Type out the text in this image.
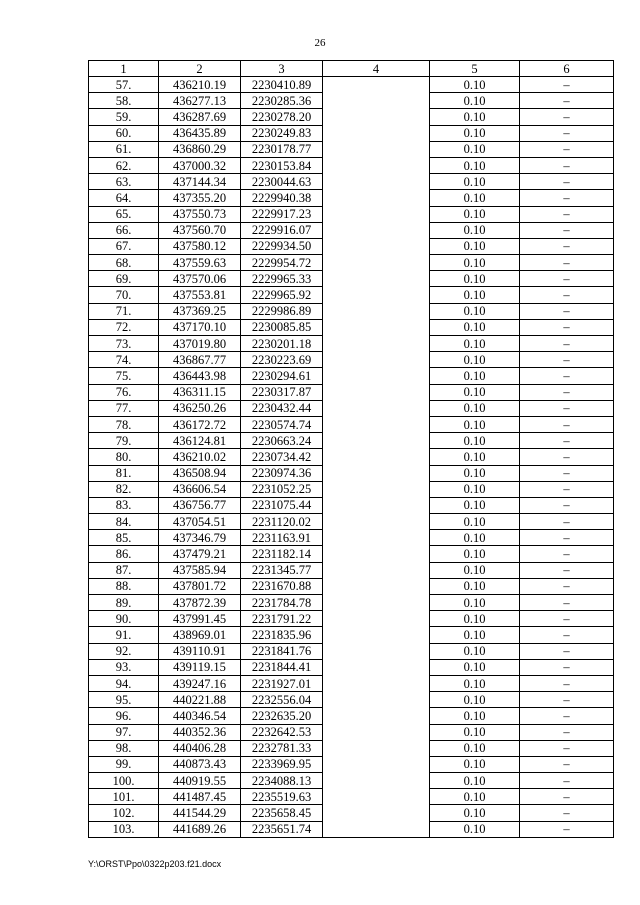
26
1	2	3	4	5	6
57.	436210.19	2230410.89		0.10	–
58.	436277.13	2230285.36		0.10	–
59.	436287.69	2230278.20		0.10	–
60.	436435.89	2230249.83		0.10	–
61.	436860.29	2230178.77		0.10	–
62.	437000.32	2230153.84		0.10	–
63.	437144.34	2230044.63		0.10	–
64.	437355.20	2229940.38		0.10	–
65.	437550.73	2229917.23		0.10	–
66.	437560.70	2229916.07		0.10	–
67.	437580.12	2229934.50		0.10	–
68.	437559.63	2229954.72		0.10	–
69.	437570.06	2229965.33		0.10	–
70.	437553.81	2229965.92		0.10	–
71.	437369.25	2229986.89		0.10	–
72.	437170.10	2230085.85		0.10	–
73.	437019.80	2230201.18		0.10	–
74.	436867.77	2230223.69		0.10	–
75.	436443.98	2230294.61		0.10	–
76.	436311.15	2230317.87		0.10	–
77.	436250.26	2230432.44		0.10	–
78.	436172.72	2230574.74		0.10	–
79.	436124.81	2230663.24		0.10	–
80.	436210.02	2230734.42		0.10	–
81.	436508.94	2230974.36		0.10	–
82.	436606.54	2231052.25		0.10	–
83.	436756.77	2231075.44		0.10	–
84.	437054.51	2231120.02		0.10	–
85.	437346.79	2231163.91		0.10	–
86.	437479.21	2231182.14		0.10	–
87.	437585.94	2231345.77		0.10	–
88.	437801.72	2231670.88		0.10	–
89.	437872.39	2231784.78		0.10	–
90.	437991.45	2231791.22		0.10	–
91.	438969.01	2231835.96		0.10	–
92.	439110.91	2231841.76		0.10	–
93.	439119.15	2231844.41		0.10	–
94.	439247.16	2231927.01		0.10	–
95.	440221.88	2232556.04		0.10	–
96.	440346.54	2232635.20		0.10	–
97.	440352.36	2232642.53		0.10	–
98.	440406.28	2232781.33		0.10	–
99.	440873.43	2233969.95		0.10	–
100.	440919.55	2234088.13		0.10	–
101.	441487.45	2235519.63		0.10	–
102.	441544.29	2235658.45		0.10	–
103.	441689.26	2235651.74		0.10	–
Y:\ORST\Ppo\0322p203.f21.docx
